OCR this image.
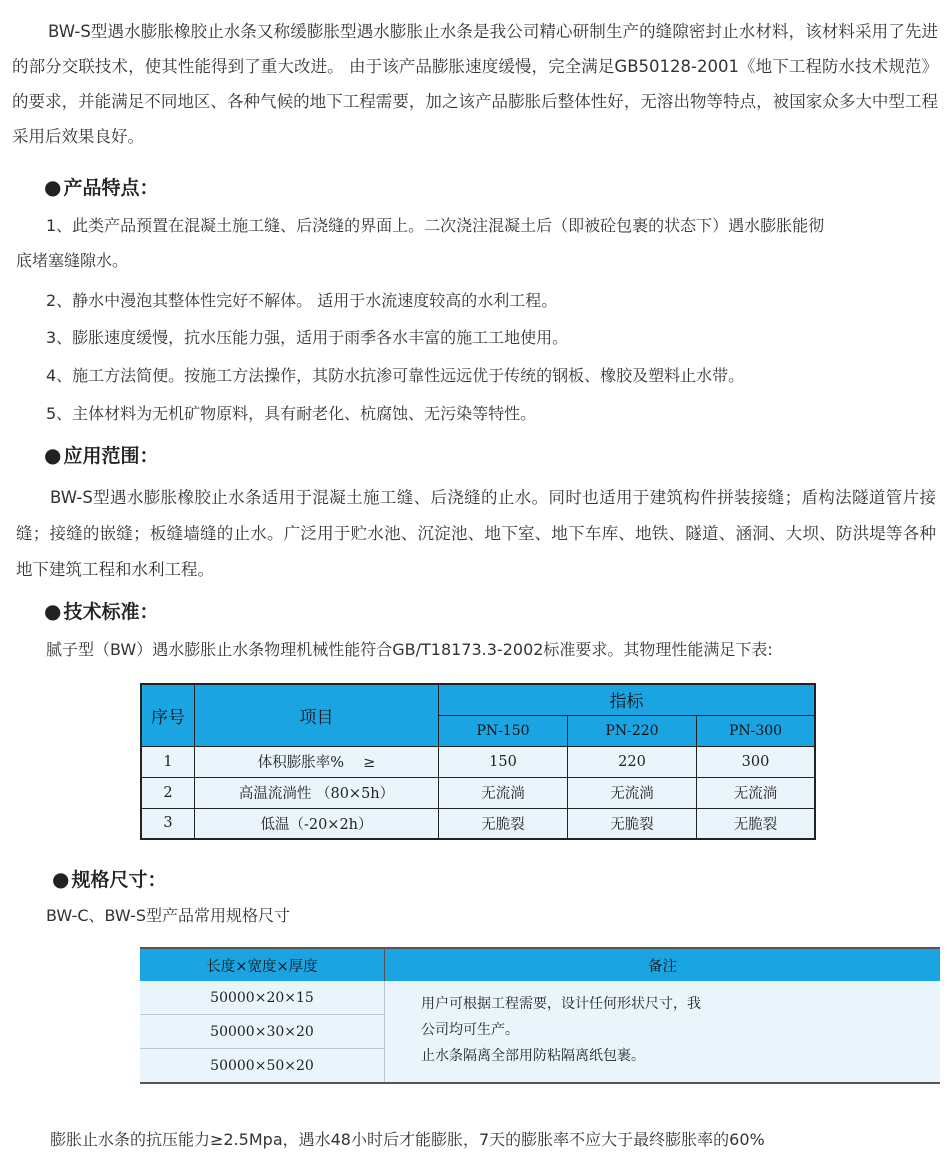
BW-S型遇水膨胀橡胶止水条又称缓膨胀型遇水膨胀止水条是我公司精心研制生产的缝隙密封止水材料，该材料采用了先进的部分交联技术，使其性能得到了重大改进。 由于该产品膨胀速度缓慢，完全满足GB50128-2001《地下工程防水技术规范》的要求，并能满足不同地区、各种气候的地下工程需要，加之该产品膨胀后整体性好，无溶出物等特点，被国家众多大中型工程采用后效果良好。

● 产品特点：
1、此类产品预置在混凝土施工缝、后浇缝的界面上。二次浇注混凝土后（即被砼包裹的状态下）遇水膨胀能彻
底堵塞缝隙水。
2、静水中漫泡其整体性完好不解体。 适用于水流速度较高的水利工程。
3、膨胀速度缓慢，抗水压能力强，适用于雨季各水丰富的施工工地使用。
4、施工方法简便。按施工方法操作，其防水抗渗可靠性远远优于传统的钢板、橡胶及塑料止水带。
5、主体材料为无机矿物原料，具有耐老化、杭腐蚀、无污染等特性。
● 应用范围：

BW-S型遇水膨胀橡胶止水条适用于混凝土施工缝、后浇缝的止水。同时也适用于建筑构件拼装接缝；盾构法隧道管片接缝；接缝的嵌缝；板缝墙缝的止水。广泛用于贮水池、沉淀池、地下室、地下车库、地铁、隧道、涵洞、大坝、防洪堤等各种地下建筑工程和水利工程。

● 技术标准：
腻子型（BW）遇水膨胀止水条物理机械性能符合GB/T18173.3-2002标准要求。其物理性能满足下表:
序号	项目	指标		
		PN-150	PN-220	PN-300
1	体积膨胀率%　 ≥	150	220	300
2	高温流淌性 （80×5h）	无流淌	无流淌	无流淌
3	低温（-20×2h）	无脆裂	无脆裂	无脆裂
● 规格尺寸：
BW-C、BW-S型产品常用规格尺寸
长度×宽度×厚度	备注
50000×20×15	用户可根据工程需要，设计任何形状尺寸，我
公司均可生产。
止水条隔离全部用防粘隔离纸包裹。

50000×30×20	
50000×50×20	
膨胀止水条的抗压能力≥2.5Mpa，遇水48小时后才能膨胀，7天的膨胀率不应大于最终膨胀率的60%
